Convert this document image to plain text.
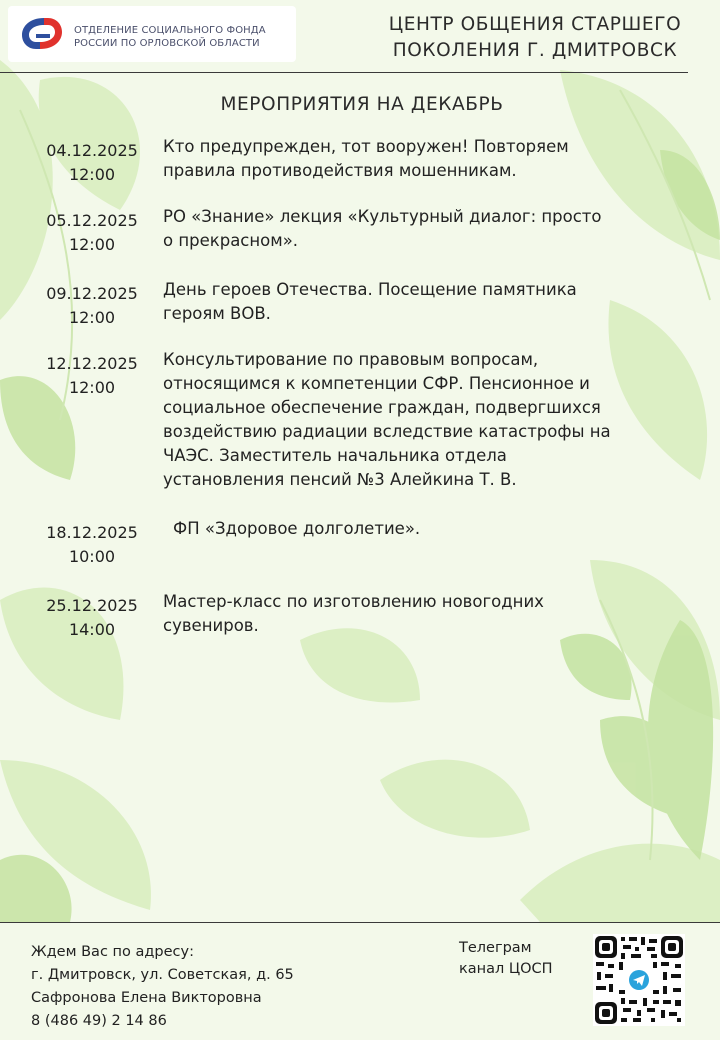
ОТДЕЛЕНИЕ СОЦИАЛЬНОГО ФОНДА
РОССИИ ПО ОРЛОВСКОЙ ОБЛАСТИ
ЦЕНТР ОБЩЕНИЯ СТАРШЕГО
ПОКОЛЕНИЯ Г. ДМИТРОВСК
МЕРОПРИЯТИЯ НА ДЕКАБРЬ
04.12.2025
12:00
Кто предупрежден, тот вооружен! Повторяем
правила противодействия мошенникам.
05.12.2025
12:00
РО «Знание» лекция «Культурный диалог: просто
о прекрасном».
09.12.2025
12:00
День героев Отечества. Посещение памятника
героям ВОВ.
12.12.2025
12:00
Консультирование по правовым вопросам,
относящимся к компетенции СФР. Пенсионное и
социальное обеспечение граждан, подвергшихся
воздействию радиации вследствие катастрофы на
ЧАЭС. Заместитель начальника отдела
установления пенсий №3 Алейкина Т. В.
18.12.2025
10:00
ФП «Здоровое долголетие».
25.12.2025
14:00
Мастер-класс по изготовлению новогодних
сувениров.
Ждем Вас по адресу:
г. Дмитровск, ул. Советская, д. 65
Сафронова Елена Викторовна
8 (486 49) 2 14 86
Телеграм
канал ЦОСП
